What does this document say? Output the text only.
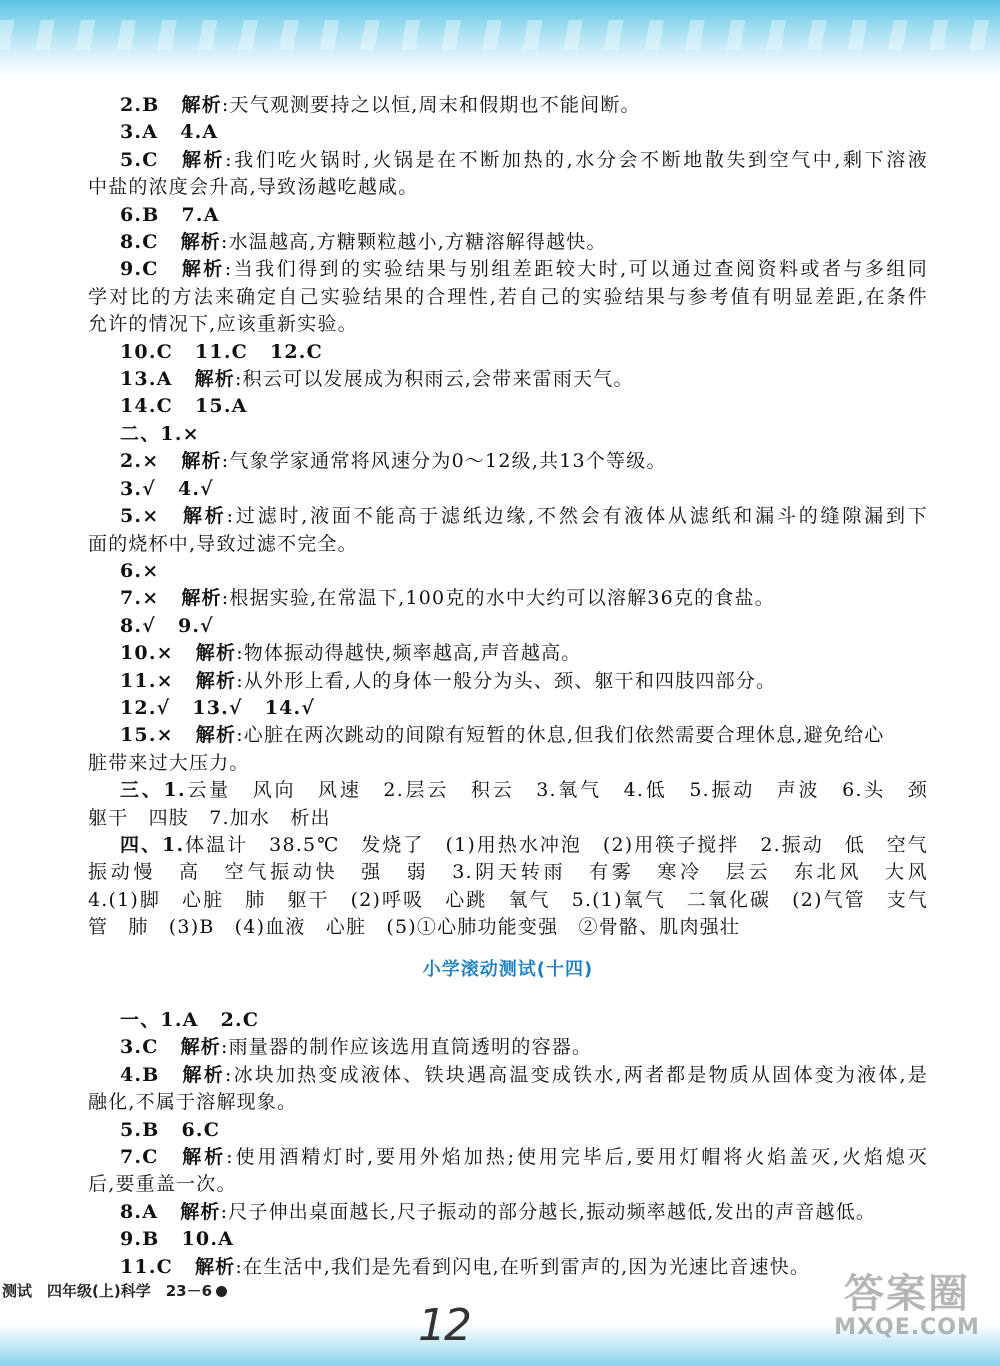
2.B 解析:天气观测要持之以恒,周末和假期也不能间断。
3.A 4.A
5.C 解析:我们吃火锅时,火锅是在不断加热的,水分会不断地散失到空气中,剩下溶液
中盐的浓度会升高,导致汤越吃越咸。
6.B 7.A
8.C 解析:水温越高,方糖颗粒越小,方糖溶解得越快。
9.C 解析:当我们得到的实验结果与别组差距较大时,可以通过查阅资料或者与多组同
学对比的方法来确定自己实验结果的合理性,若自己的实验结果与参考值有明显差距,在条件
允许的情况下,应该重新实验。
10.C 11.C 12.C
13.A 解析:积云可以发展成为积雨云,会带来雷雨天气。
14.C 15.A
二、1.×
2.× 解析:气象学家通常将风速分为0～12级,共13个等级。
3.√ 4.√
5.× 解析:过滤时,液面不能高于滤纸边缘,不然会有液体从滤纸和漏斗的缝隙漏到下
面的烧杯中,导致过滤不完全。
6.×
7.× 解析:根据实验,在常温下,100克的水中大约可以溶解36克的食盐。
8.√ 9.√
10.× 解析:物体振动得越快,频率越高,声音越高。
11.× 解析:从外形上看,人的身体一般分为头、颈、躯干和四肢四部分。
12.√ 13.√ 14.√
15.× 解析:心脏在两次跳动的间隙有短暂的休息,但我们依然需要合理休息,避免给心
脏带来过大压力。
三、1.云量　风向　风速　2.层云　积云　3.氧气　4.低　5.振动　声波　6.头　颈
躯干　四肢　7.加水　析出
四、1.体温计　38.5℃　发烧了　(1)用热水冲泡　(2)用筷子搅拌　2.振动　低　空气
振动慢　高　空气振动快　强　弱　3.阴天转雨　有雾　寒冷　层云　东北风　大风
4.(1)脚　心脏　肺　躯干　(2)呼吸　心跳　氧气　5.(1)氧气　二氧化碳　(2)气管　支气
管　肺　(3)B　(4)血液　心脏　(5)①心肺功能变强　②骨骼、肌肉强壮
小学滚动测试(十四)
一、1.A 2.C
3.C 解析:雨量器的制作应该选用直筒透明的容器。
4.B 解析:冰块加热变成液体、铁块遇高温变成铁水,两者都是物质从固体变为液体,是
融化,不属于溶解现象。
5.B 6.C
7.C 解析:使用酒精灯时,要用外焰加热;使用完毕后,要用灯帽将火焰盖灭,火焰熄灭
后,要重盖一次。
8.A 解析:尺子伸出桌面越长,尺子振动的部分越长,振动频率越低,发出的声音越低。
9.B 10.A
11.C 解析:在生活中,我们是先看到闪电,在听到雷声的,因为光速比音速快。
测试　四年级(上)科学　23－6
12
答案圈
MXQE.COM
